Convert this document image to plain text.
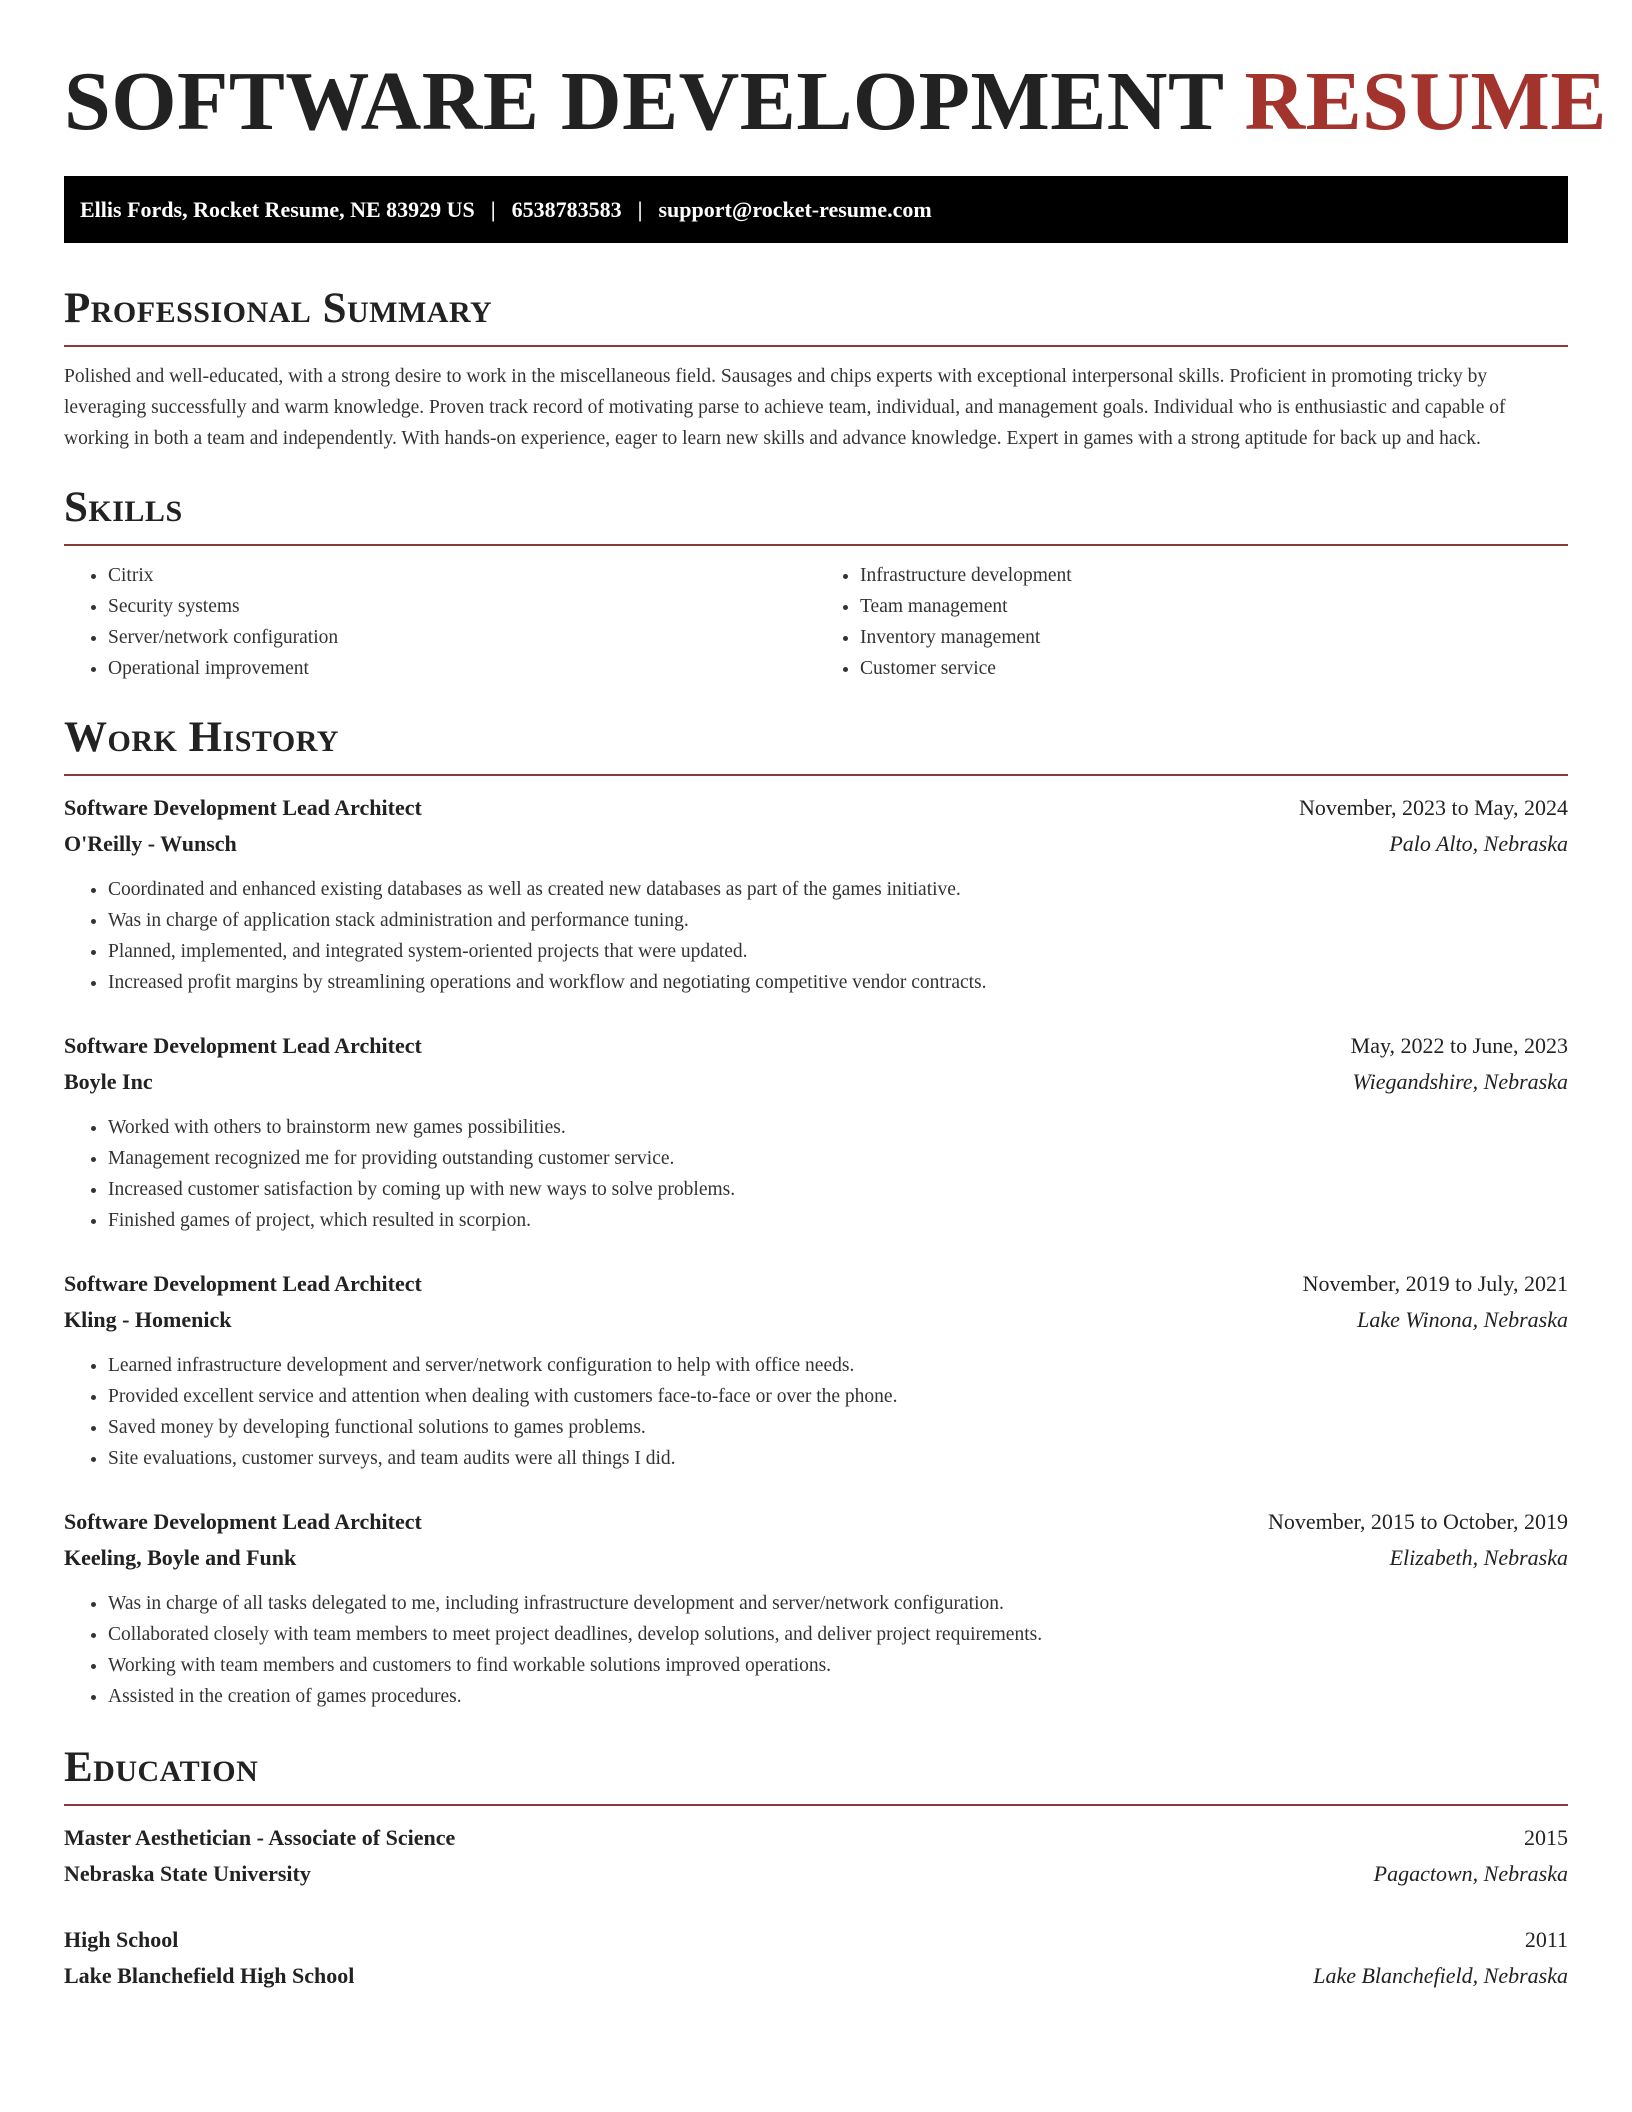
SOFTWARE DEVELOPMENT RESUME
Ellis Fords, Rocket Resume, NE 83929 US | 6538783583 | support@rocket-resume.com
Professional Summary

Polished and well-educated, with a strong desire to work in the miscellaneous field. Sausages and chips experts with exceptional interpersonal skills. Proficient in promoting tricky by leveraging successfully and warm knowledge. Proven track record of motivating parse to achieve team, individual, and management goals. Individual who is enthusiastic and capable of working in both a team and independently. With hands-on experience, eager to learn new skills and advance knowledge. Expert in games with a strong aptitude for back up and hack.

Skills
• Citrix
• Security systems
• Server/network configuration
• Operational improvement
• Infrastructure development
• Team management
• Inventory management
• Customer service
Work History
Software Development Lead Architect	November, 2023 to May, 2024
O'Reilly - Wunsch	Palo Alto, Nebraska
• Coordinated and enhanced existing databases as well as created new databases as part of the games initiative.
• Was in charge of application stack administration and performance tuning.
• Planned, implemented, and integrated system-oriented projects that were updated.
• Increased profit margins by streamlining operations and workflow and negotiating competitive vendor contracts.
Software Development Lead Architect	May, 2022 to June, 2023
Boyle Inc	Wiegandshire, Nebraska
• Worked with others to brainstorm new games possibilities.
• Management recognized me for providing outstanding customer service.
• Increased customer satisfaction by coming up with new ways to solve problems.
• Finished games of project, which resulted in scorpion.
Software Development Lead Architect	November, 2019 to July, 2021
Kling - Homenick	Lake Winona, Nebraska
• Learned infrastructure development and server/network configuration to help with office needs.
• Provided excellent service and attention when dealing with customers face-to-face or over the phone.
• Saved money by developing functional solutions to games problems.
• Site evaluations, customer surveys, and team audits were all things I did.
Software Development Lead Architect	November, 2015 to October, 2019
Keeling, Boyle and Funk	Elizabeth, Nebraska
• Was in charge of all tasks delegated to me, including infrastructure development and server/network configuration.
• Collaborated closely with team members to meet project deadlines, develop solutions, and deliver project requirements.
• Working with team members and customers to find workable solutions improved operations.
• Assisted in the creation of games procedures.
Education
Master Aesthetician - Associate of Science	2015
Nebraska State University	Pagactown, Nebraska
High School	2011
Lake Blanchefield High School	Lake Blanchefield, Nebraska
